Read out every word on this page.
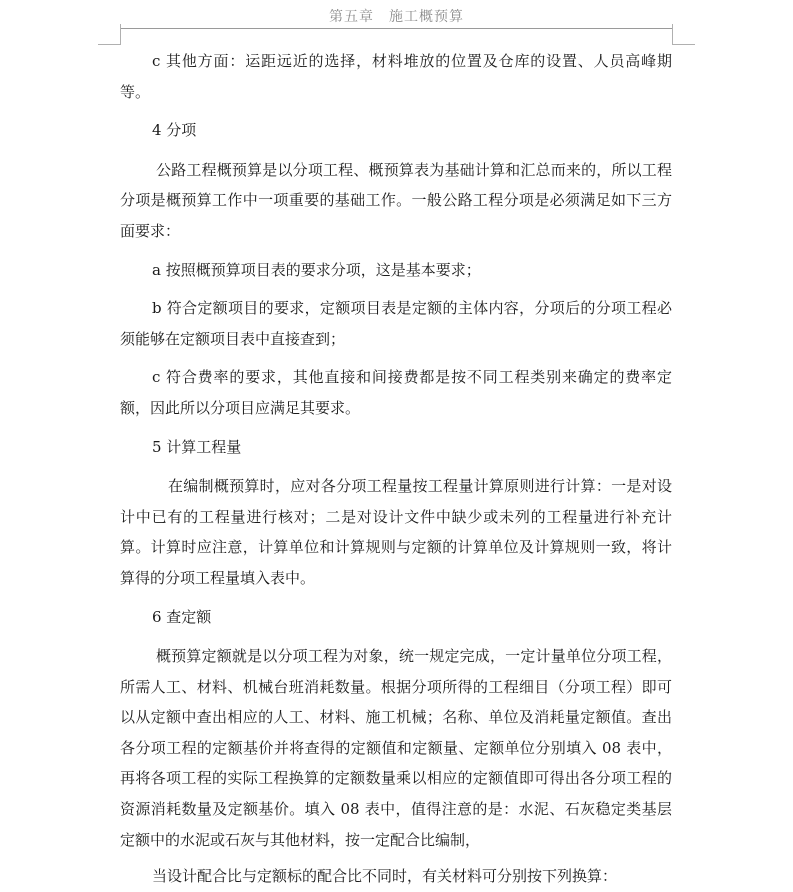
第五章　施工概预算

c 其他方面：运距远近的选择，材料堆放的位置及仓库的设置、人员高峰期等。

4 分项

公路工程概预算是以分项工程、概预算表为基础计算和汇总而来的，所以工程分项是概预算工作中一项重要的基础工作。一般公路工程分项是必须满足如下三方面要求：

a 按照概预算项目表的要求分项，这是基本要求；

b 符合定额项目的要求，定额项目表是定额的主体内容，分项后的分项工程必须能够在定额项目表中直接查到；

c 符合费率的要求，其他直接和间接费都是按不同工程类别来确定的费率定额，因此所以分项目应满足其要求。

5 计算工程量

在编制概预算时，应对各分项工程量按工程量计算原则进行计算：一是对设计中已有的工程量进行核对；二是对设计文件中缺少或未列的工程量进行补充计算。计算时应注意，计算单位和计算规则与定额的计算单位及计算规则一致，将计算得的分项工程量填入表中。

6 查定额

概预算定额就是以分项工程为对象，统一规定完成，一定计量单位分项工程，所需人工、材料、机械台班消耗数量。根据分项所得的工程细目（分项工程）即可以从定额中查出相应的人工、材料、施工机械；名称、单位及消耗量定额值。查出各分项工程的定额基价并将查得的定额值和定额量、定额单位分别填入 08 表中，再将各项工程的实际工程换算的定额数量乘以相应的定额值即可得出各分项工程的资源消耗数量及定额基价。填入 08 表中，值得注意的是：水泥、石灰稳定类基层定额中的水泥或石灰与其他材料，按一定配合比编制，

当设计配合比与定额标的配合比不同时，有关材料可分别按下列换算：
